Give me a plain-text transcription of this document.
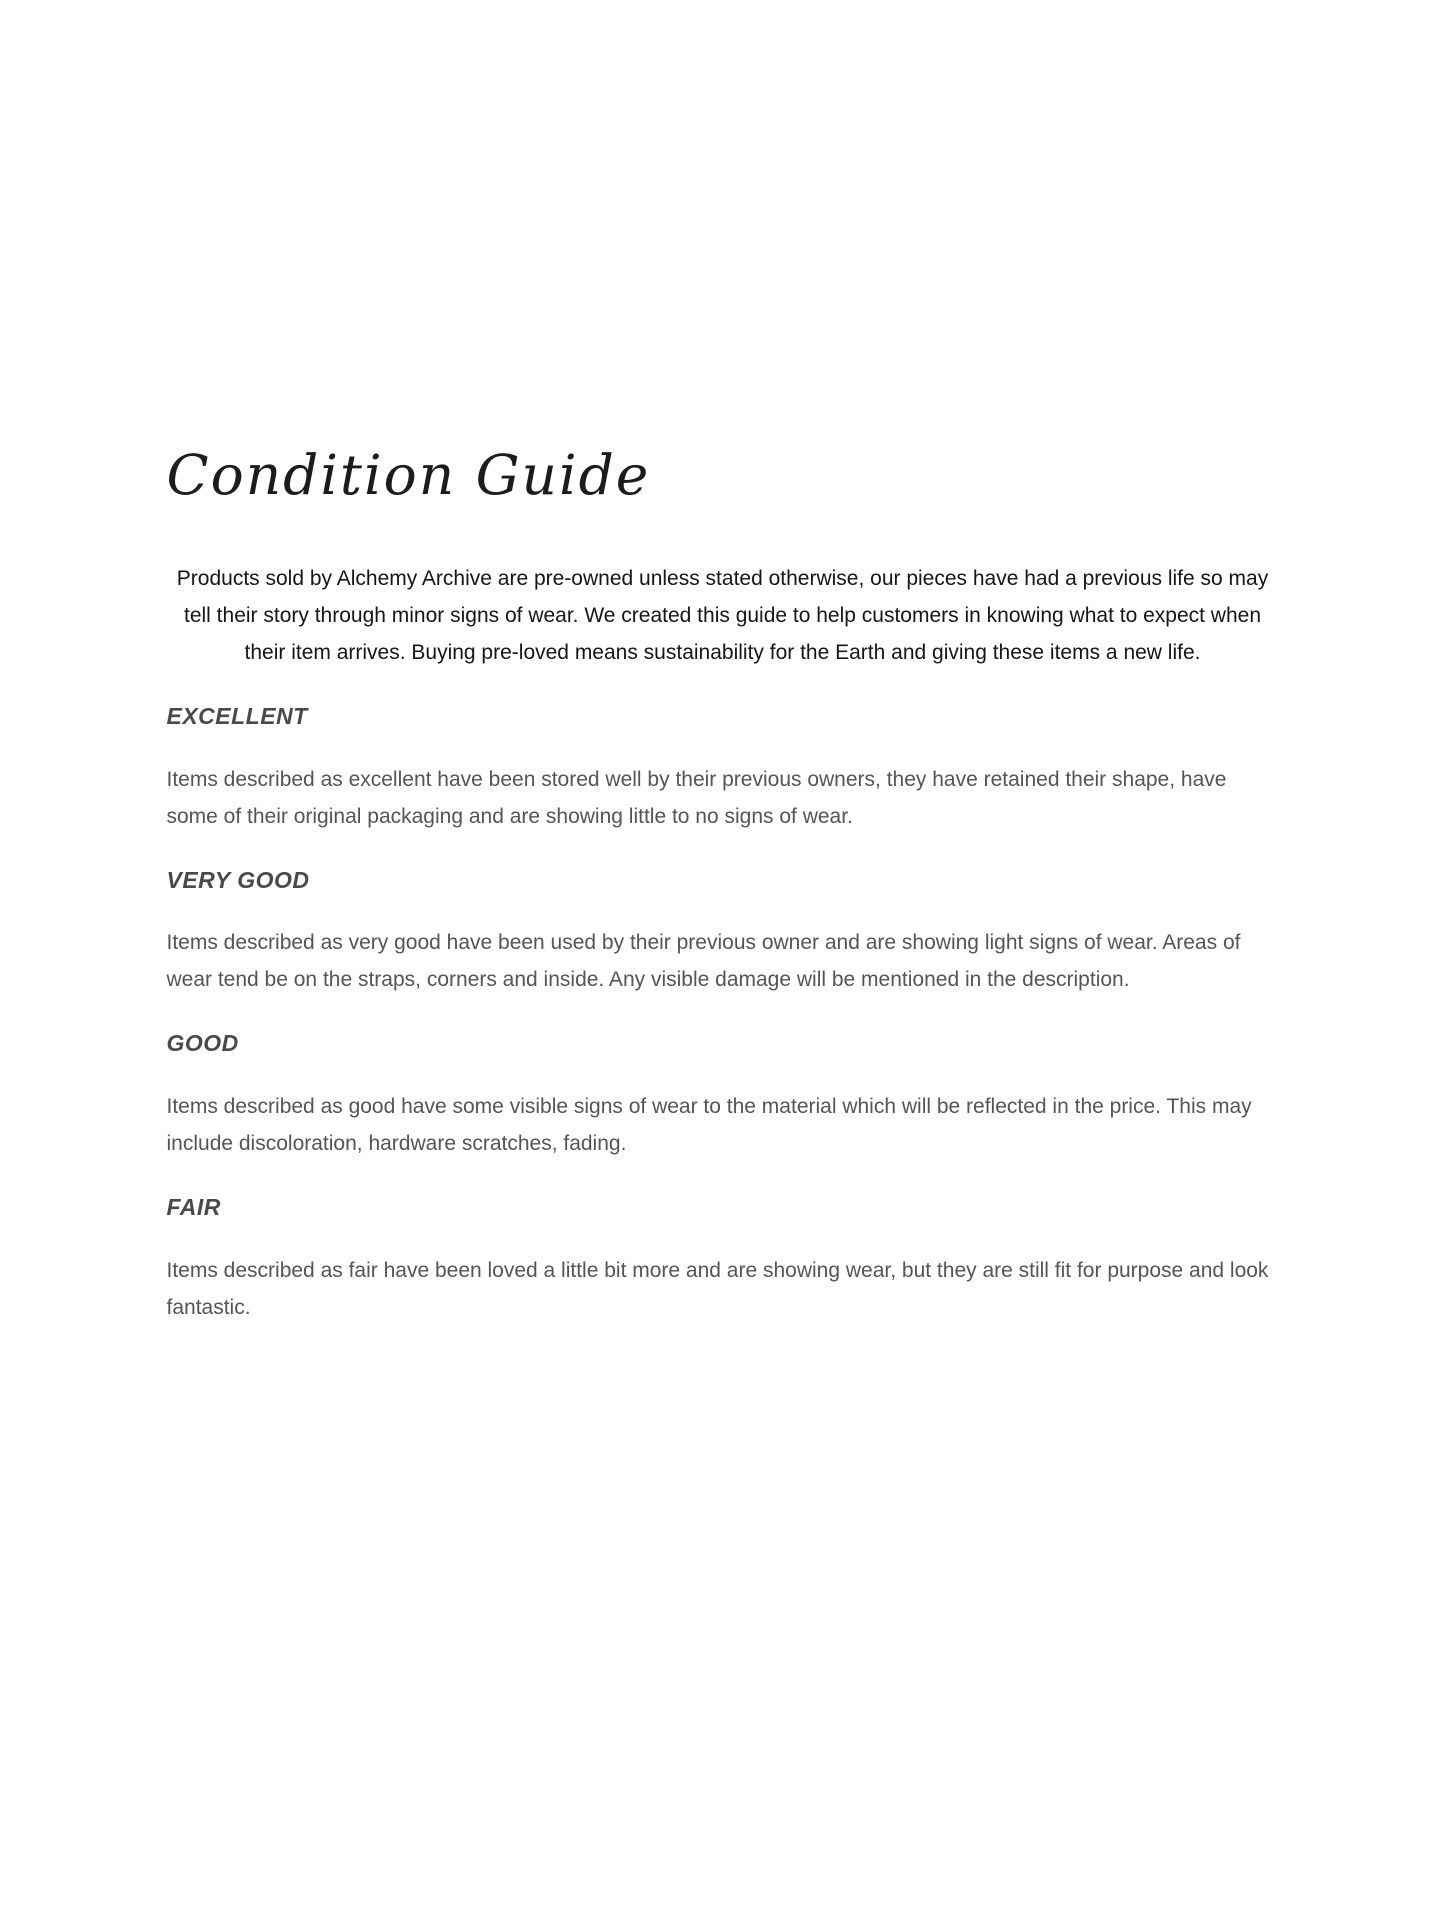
Condition Guide

Products sold by Alchemy Archive are pre-owned unless stated otherwise, our pieces have had a previous life so may tell their story through minor signs of wear. We created this guide to help customers in knowing what to expect when their item arrives. Buying pre-loved means sustainability for the Earth and giving these items a new life.

EXCELLENT

Items described as excellent have been stored well by their previous owners, they have retained their shape, have some of their original packaging and are showing little to no signs of wear.

VERY GOOD

Items described as very good have been used by their previous owner and are showing light signs of wear. Areas of wear tend be on the straps, corners and inside. Any visible damage will be mentioned in the description.

GOOD

Items described as good have some visible signs of wear to the material which will be reflected in the price. This may include discoloration, hardware scratches, fading.

FAIR

Items described as fair have been loved a little bit more and are showing wear, but they are still fit for purpose and look fantastic.
